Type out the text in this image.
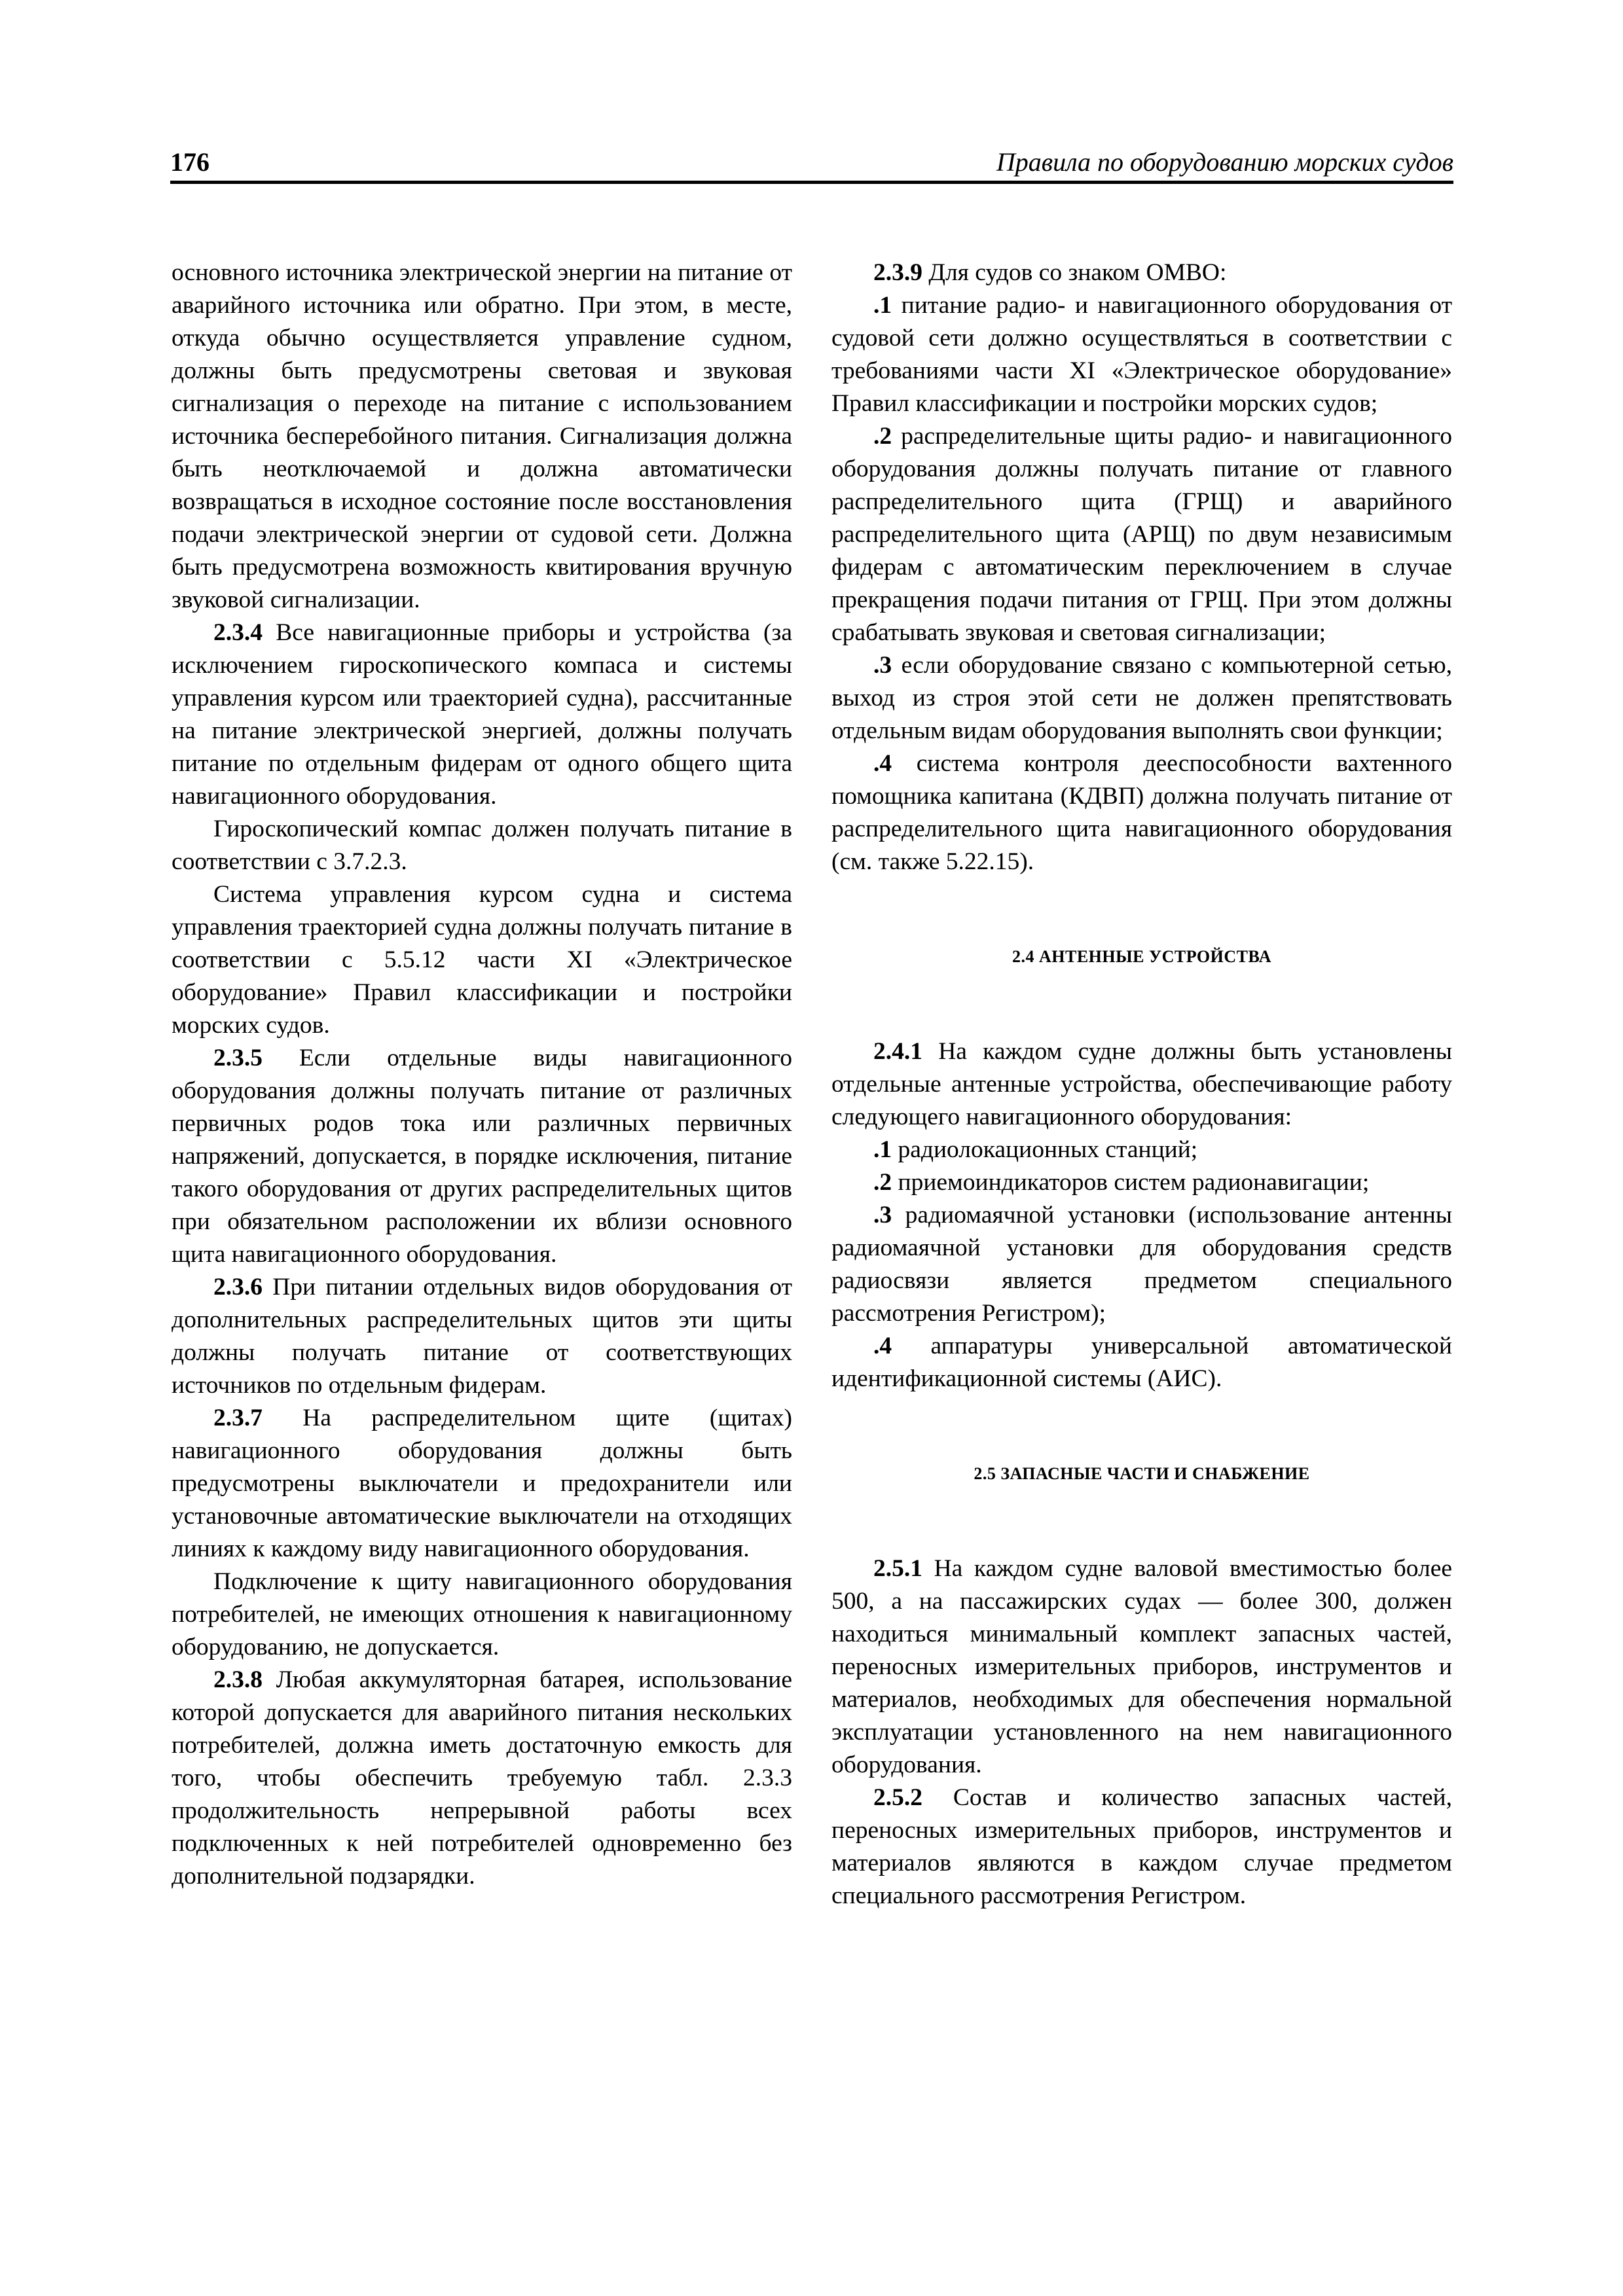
176	Правила по оборудованию морских судов

основного источника электрической энергии на питание от аварийного источника или обратно. При этом, в месте, откуда обычно осуществляется управление судном, должны быть предусмотрены световая и звуковая сигнализация о переходе на питание с использованием источника бесперебойного питания. Сигнализация должна быть неотключаемой и должна автоматически возвращаться в исходное состояние после восстановления подачи электрической энергии от судовой сети. Должна быть предусмотрена возможность квитирования вручную звуковой сигнализации.

2.3.4 Все навигационные приборы и устройства (за исключением гироскопического компаса и системы управления курсом или траекторией судна), рассчитанные на питание электрической энергией, должны получать питание по отдельным фидерам от одного общего щита навигационного оборудования.

Гироскопический компас должен получать питание в соответствии с 3.7.2.3.

Система управления курсом судна и система управления траекторией судна должны получать питание в соответствии с 5.5.12 части XI «Электрическое оборудование» Правил классификации и постройки морских судов.

2.3.5 Если отдельные виды навигационного оборудования должны получать питание от различных первичных родов тока или различных первичных напряжений, допускается, в порядке исключения, питание такого оборудования от других распределительных щитов при обязательном расположении их вблизи основного щита навигационного оборудования.

2.3.6 При питании отдельных видов оборудования от дополнительных распределительных щитов эти щиты должны получать питание от соответствующих источников по отдельным фидерам.

2.3.7 На распределительном щите (щитах) навигационного оборудования должны быть предусмотрены выключатели и предохранители или установочные автоматические выключатели на отходящих линиях к каждому виду навигационного оборудования.

Подключение к щиту навигационного оборудования потребителей, не имеющих отношения к навигационному оборудованию, не допускается.

2.3.8 Любая аккумуляторная батарея, использование которой допускается для аварийного питания нескольких потребителей, должна иметь достаточную емкость для того, чтобы обеспечить требуемую табл. 2.3.3 продолжительность непрерывной работы всех подключенных к ней потребителей одновременно без дополнительной подзарядки.

2.3.9 Для судов со знаком ОМВО:

.1 питание радио- и навигационного оборудования от судовой сети должно осуществляться в соответствии с требованиями части XI «Электрическое оборудование» Правил классификации и постройки морских судов;

.2 распределительные щиты радио- и навигационного оборудования должны получать питание от главного распределительного щита (ГРЩ) и аварийного распределительного щита (АРЩ) по двум независимым фидерам с автоматическим переключением в случае прекращения подачи питания от ГРЩ. При этом должны срабатывать звуковая и световая сигнализации;

.3 если оборудование связано с компьютерной сетью, выход из строя этой сети не должен препятствовать отдельным видам оборудования выполнять свои функции;

.4 система контроля дееспособности вахтенного помощника капитана (КДВП) должна получать питание от распределительного щита навигационного оборудования (см. также 5.22.15).

2.4 АНТЕННЫЕ УСТРОЙСТВА

2.4.1 На каждом судне должны быть установлены отдельные антенные устройства, обеспечивающие работу следующего навигационного оборудования:

.1 радиолокационных станций;

.2 приемоиндикаторов систем радионавигации;

.3 радиомаячной установки (использование антенны радиомаячной установки для оборудования средств радиосвязи является предметом специального рассмотрения Регистром);

.4 аппаратуры универсальной автоматической идентификационной системы (АИС).

2.5 ЗАПАСНЫЕ ЧАСТИ И СНАБЖЕНИЕ

2.5.1 На каждом судне валовой вместимостью более 500, а на пассажирских судах — более 300, должен находиться минимальный комплект запасных частей, переносных измерительных приборов, инструментов и материалов, необходимых для обеспечения нормальной эксплуатации установленного на нем навигационного оборудования.

2.5.2 Состав и количество запасных частей, переносных измерительных приборов, инструментов и материалов являются в каждом случае предметом специального рассмотрения Регистром.
